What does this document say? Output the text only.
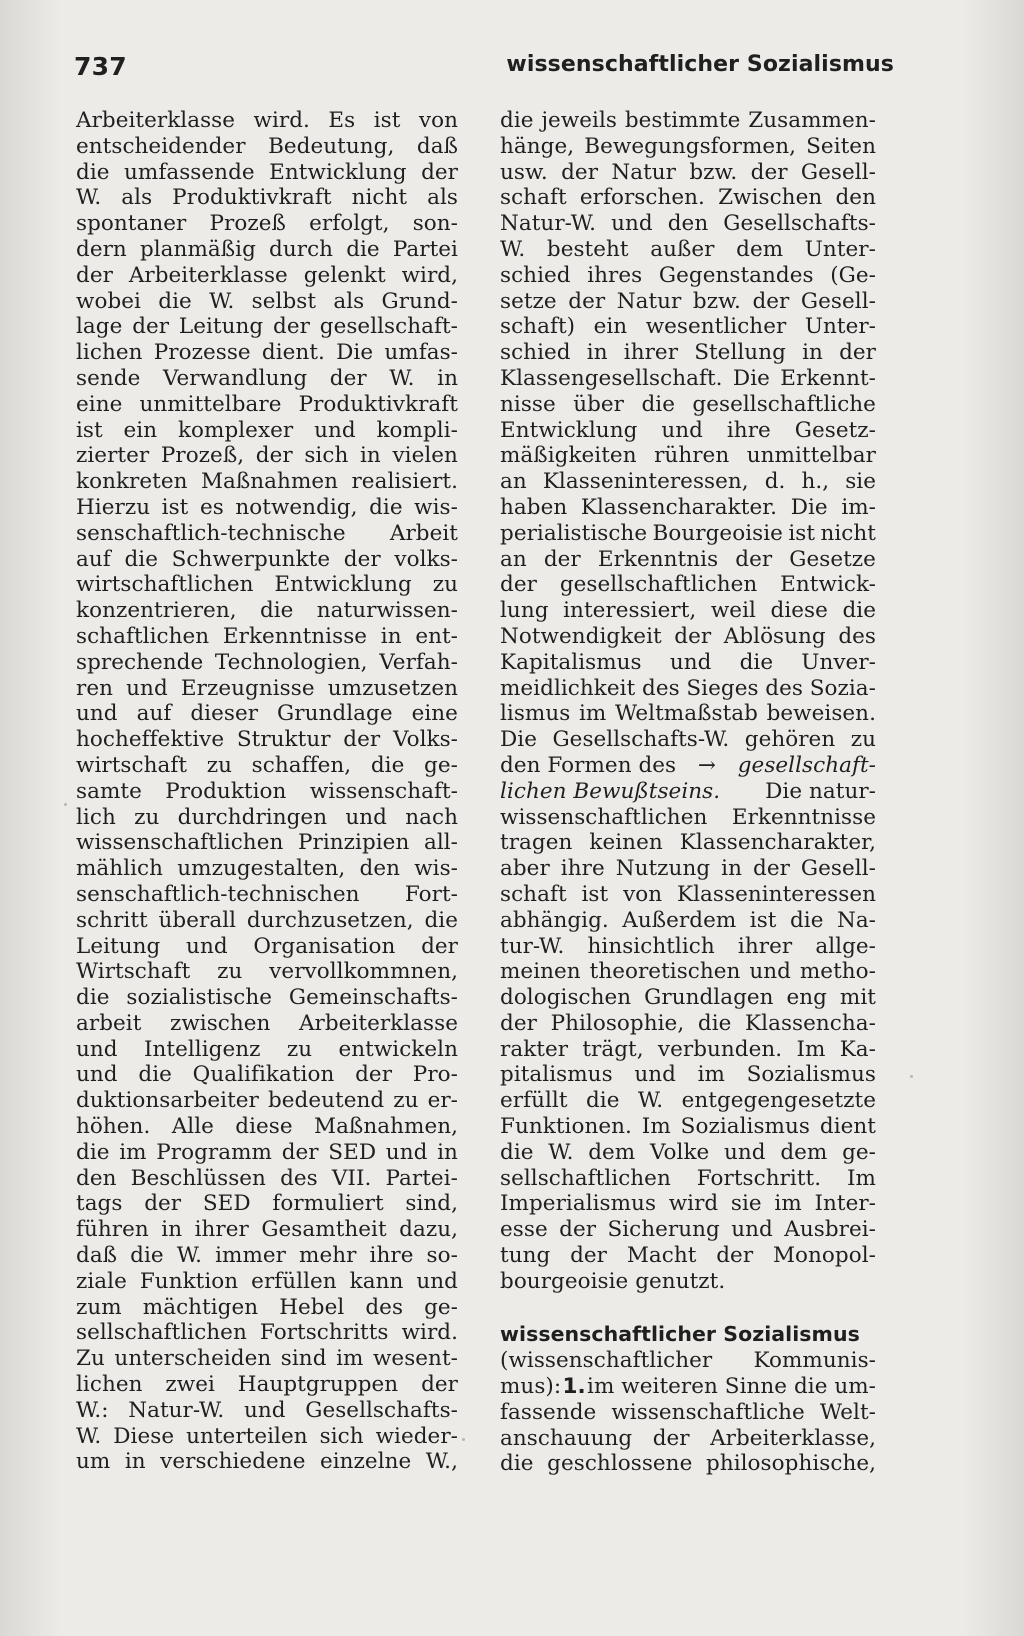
737	wissenschaftlicher Sozialismus
Arbeiterklasse wird. Es ist von
entscheidender Bedeutung, daß
die umfassende Entwicklung der
W. als Produktivkraft nicht als
spontaner Prozeß erfolgt, son-
dern planmäßig durch die Partei
der Arbeiterklasse gelenkt wird,
wobei die W. selbst als Grund-
lage der Leitung der gesellschaft-
lichen Prozesse dient. Die umfas-
sende Verwandlung der W. in
eine unmittelbare Produktivkraft
ist ein komplexer und kompli-
zierter Prozeß, der sich in vielen
konkreten Maßnahmen realisiert.
Hierzu ist es notwendig, die wis-
senschaftlich-technische Arbeit
auf die Schwerpunkte der volks-
wirtschaftlichen Entwicklung zu
konzentrieren, die naturwissen-
schaftlichen Erkenntnisse in ent-
sprechende Technologien, Verfah-
ren und Erzeugnisse umzusetzen
und auf dieser Grundlage eine
hocheffektive Struktur der Volks-
wirtschaft zu schaffen, die ge-
samte Produktion wissenschaft-
lich zu durchdringen und nach
wissenschaftlichen Prinzipien all-
mählich umzugestalten, den wis-
senschaftlich-technischen Fort-
schritt überall durchzusetzen, die
Leitung und Organisation der
Wirtschaft zu vervollkommnen,
die sozialistische Gemeinschafts-
arbeit zwischen Arbeiterklasse
und Intelligenz zu entwickeln
und die Qualifikation der Pro-
duktionsarbeiter bedeutend zu er-
höhen. Alle diese Maßnahmen,
die im Programm der SED und in
den Beschlüssen des VII. Partei-
tags der SED formuliert sind,
führen in ihrer Gesamtheit dazu,
daß die W. immer mehr ihre so-
ziale Funktion erfüllen kann und
zum mächtigen Hebel des ge-
sellschaftlichen Fortschritts wird.
Zu unterscheiden sind im wesent-
lichen zwei Hauptgruppen der
W.: Natur-W. und Gesellschafts-
W. Diese unterteilen sich wieder-
um in verschiedene einzelne W.,
die jeweils bestimmte Zusammen-
hänge, Bewegungsformen, Seiten
usw. der Natur bzw. der Gesell-
schaft erforschen. Zwischen den
Natur-W. und den Gesellschafts-
W. besteht außer dem Unter-
schied ihres Gegenstandes (Ge-
setze der Natur bzw. der Gesell-
schaft) ein wesentlicher Unter-
schied in ihrer Stellung in der
Klassengesellschaft. Die Erkennt-
nisse über die gesellschaftliche
Entwicklung und ihre Gesetz-
mäßigkeiten rühren unmittelbar
an Klasseninteressen, d. h., sie
haben Klassencharakter. Die im-
perialistische Bourgeoisie ist nicht
an der Erkenntnis der Gesetze
der gesellschaftlichen Entwick-
lung interessiert, weil diese die
Notwendigkeit der Ablösung des
Kapitalismus und die Unver-
meidlichkeit des Sieges des Sozia-
lismus im Weltmaßstab beweisen.
Die Gesellschafts-W. gehören zu
den Formen des → gesellschaft-
lichen Bewußtseins. Die natur-
wissenschaftlichen Erkenntnisse
tragen keinen Klassencharakter,
aber ihre Nutzung in der Gesell-
schaft ist von Klasseninteressen
abhängig. Außerdem ist die Na-
tur-W. hinsichtlich ihrer allge-
meinen theoretischen und metho-
dologischen Grundlagen eng mit
der Philosophie, die Klassencha-
rakter trägt, verbunden. Im Ka-
pitalismus und im Sozialismus
erfüllt die W. entgegengesetzte
Funktionen. Im Sozialismus dient
die W. dem Volke und dem ge-
sellschaftlichen Fortschritt. Im
Imperialismus wird sie im Inter-
esse der Sicherung und Ausbrei-
tung der Macht der Monopol-
bourgeoisie genutzt.
wissenschaftlicher Sozialismus
(wissenschaftlicher Kommunis-
mus): 1. im weiteren Sinne die um-
fassende wissenschaftliche Welt-
anschauung der Arbeiterklasse,
die geschlossene philosophische,
